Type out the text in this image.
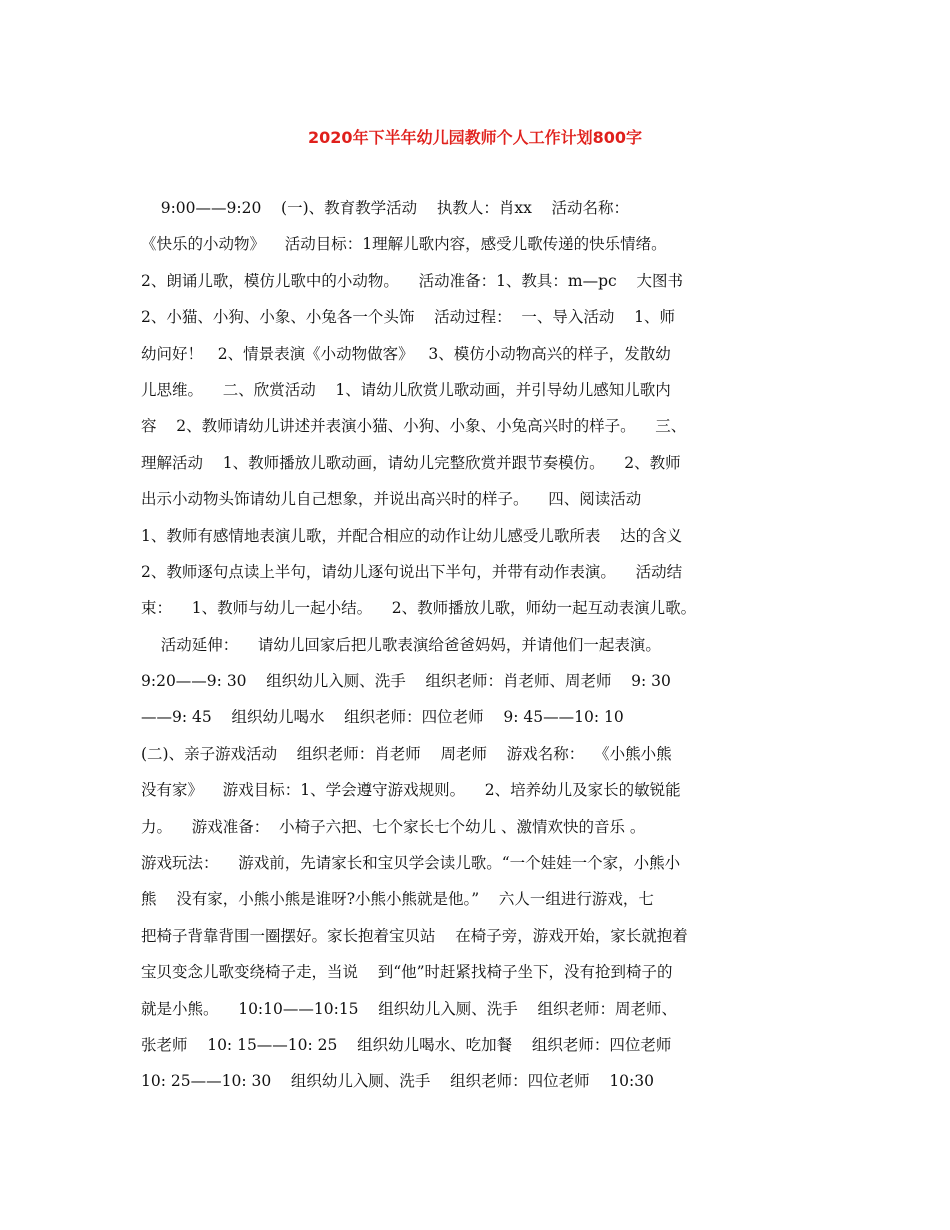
2020年下半年幼儿园教师个人工作计划800字
9:00——9:20    (一)、教育教学活动    执教人：肖xx    活动名称：
《快乐的小动物》    活动目标：1理解儿歌内容，感受儿歌传递的快乐情绪。
2、朗诵儿歌，模仿儿歌中的小动物。    活动准备：1、教具：m—pc    大图书
2、小猫、小狗、小象、小兔各一个头饰    活动过程：  一、导入活动    1、师
幼问好！   2、情景表演《小动物做客》   3、模仿小动物高兴的样子，发散幼
儿思维。    二、欣赏活动    1、请幼儿欣赏儿歌动画，并引导幼儿感知儿歌内
容    2、教师请幼儿讲述并表演小猫、小狗、小象、小兔高兴时的样子。    三、
理解活动    1、教师播放儿歌动画，请幼儿完整欣赏并跟节奏模仿。    2、教师
出示小动物头饰请幼儿自己想象，并说出高兴时的样子。    四、阅读活动
1、教师有感情地表演儿歌，并配合相应的动作让幼儿感受儿歌所表    达的含义
2、教师逐句点读上半句，请幼儿逐句说出下半句，并带有动作表演。    活动结
束：    1、教师与幼儿一起小结。    2、教师播放儿歌，师幼一起互动表演儿歌。
活动延伸：    请幼儿回家后把儿歌表演给爸爸妈妈，并请他们一起表演。
9:20——9: 30    组织幼儿入厕、洗手    组织老师：肖老师、周老师    9: 30
——9: 45    组织幼儿喝水    组织老师：四位老师    9: 45——10: 10
(二)、亲子游戏活动    组织老师：肖老师    周老师    游戏名称：  《小熊小熊
没有家》    游戏目标：1、学会遵守游戏规则。    2、培养幼儿及家长的敏锐能
力。    游戏准备：  小椅子六把、七个家长七个幼儿 、激情欢快的音乐 。
游戏玩法：    游戏前，先请家长和宝贝学会读儿歌。“一个娃娃一个家，小熊小
熊    没有家，小熊小熊是谁呀?小熊小熊就是他。”    六人一组进行游戏，七
把椅子背靠背围一圈摆好。家长抱着宝贝站    在椅子旁，游戏开始，家长就抱着
宝贝变念儿歌变绕椅子走，当说    到“他”时赶紧找椅子坐下，没有抢到椅子的
就是小熊。    10:10——10:15    组织幼儿入厕、洗手    组织老师：周老师、
张老师    10: 15——10: 25    组织幼儿喝水、吃加餐    组织老师：四位老师
10: 25——10: 30    组织幼儿入厕、洗手    组织老师：四位老师    10:30
